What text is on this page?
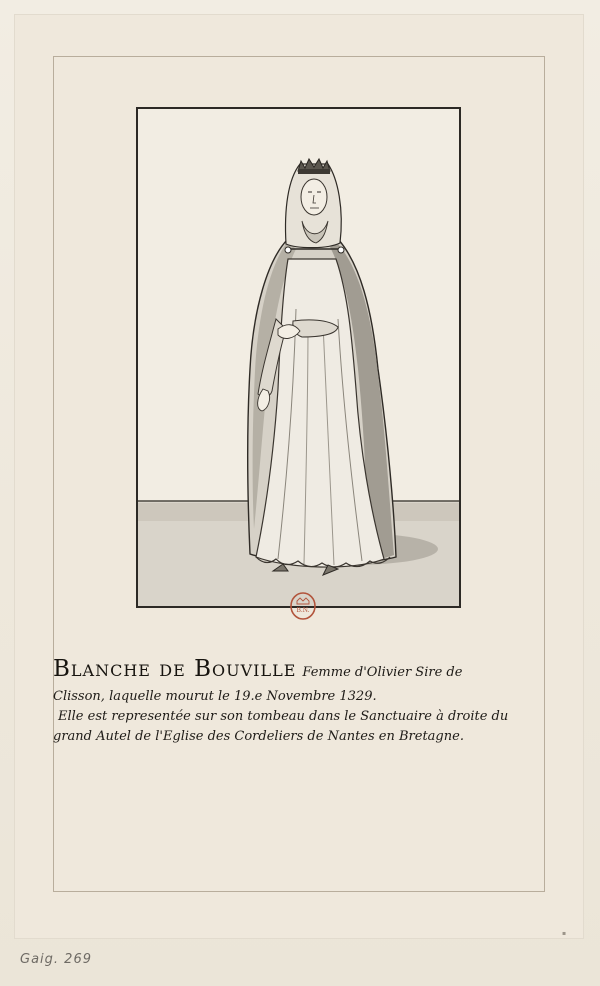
B.N.
Blanche de Bouville Femme d'Olivier Sire de
Clisson, laquelle mourut le 19.e Novembre 1329.
Elle est representée sur son tombeau dans le Sanctuaire à droite du
grand Autel de l'Eglise des Cordeliers de Nantes en Bretagne.
Gaig. 269
▪
